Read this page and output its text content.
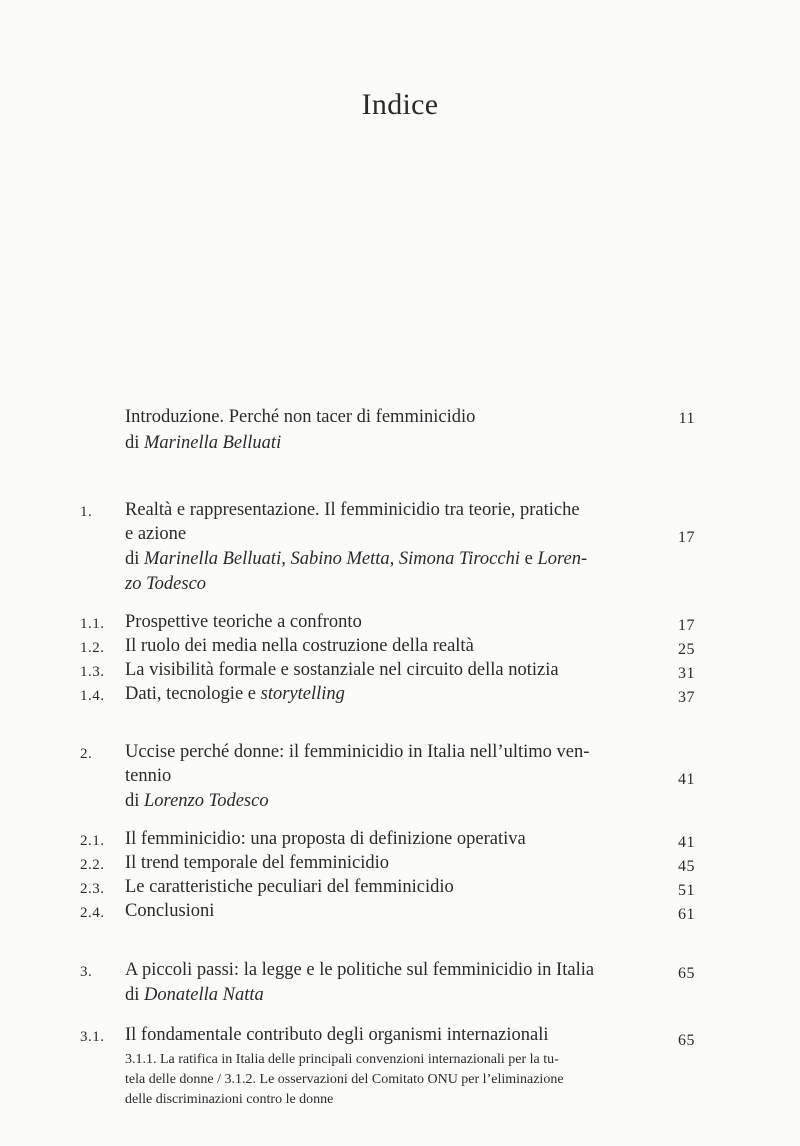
Indice
Introduzione. Perché non tacer di femminicidio	11
di Marinella Belluati
1. Realtà e rappresentazione. Il femminicidio tra teorie, pratiche
e azione	17
di Marinella Belluati, Sabino Metta, Simona Tirocchi e Loren-
zo Todesco
1.1. Prospettive teoriche a confronto	17
1.2. Il ruolo dei media nella costruzione della realtà	25
1.3. La visibilità formale e sostanziale nel circuito della notizia	31
1.4. Dati, tecnologie e storytelling	37
2. Uccise perché donne: il femminicidio in Italia nell’ultimo ven-
tennio	41
di Lorenzo Todesco
2.1. Il femminicidio: una proposta di definizione operativa	41
2.2. Il trend temporale del femminicidio	45
2.3. Le caratteristiche peculiari del femminicidio	51
2.4. Conclusioni	61
3. A piccoli passi: la legge e le politiche sul femminicidio in Italia	65
di Donatella Natta
3.1. Il fondamentale contributo degli organismi internazionali	65
3.1.1. La ratifica in Italia delle principali convenzioni internazionali per la tu-
tela delle donne / 3.1.2. Le osservazioni del Comitato ONU per l’eliminazione
delle discriminazioni contro le donne
